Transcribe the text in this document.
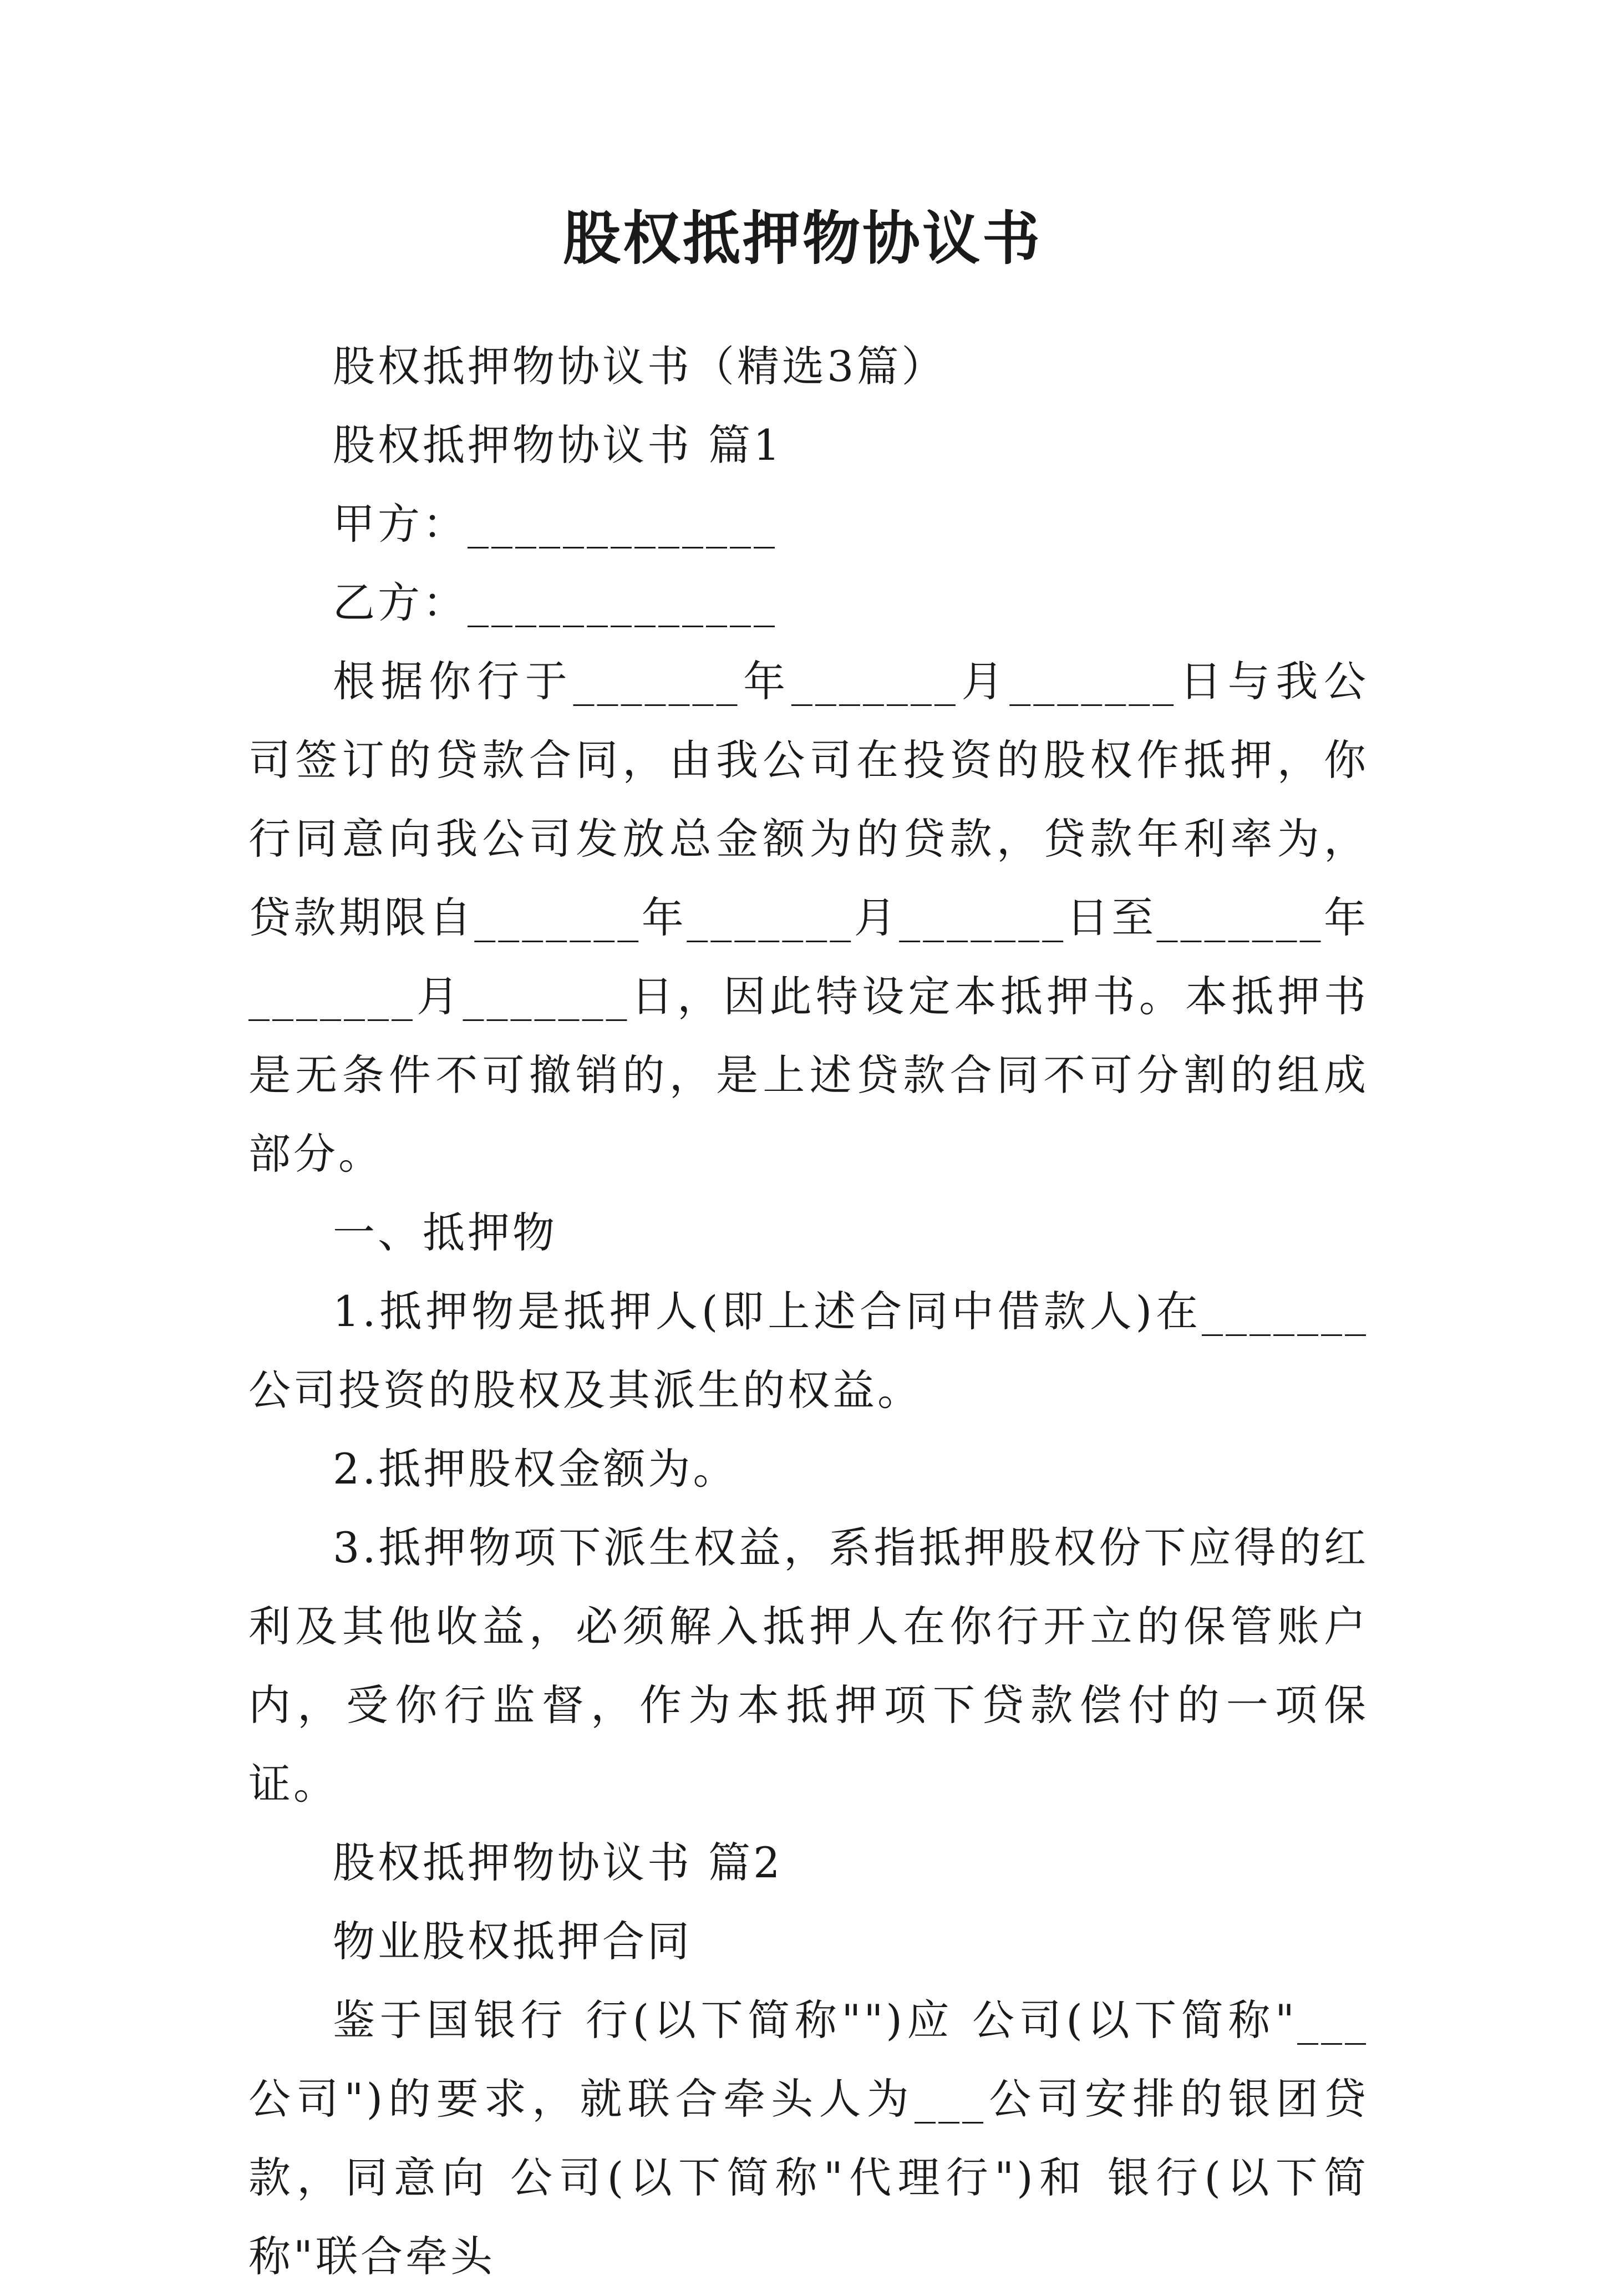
股权抵押物协议书

股权抵押物协议书（精选3篇）

股权抵押物协议书 篇1

甲方：_____________

乙方：_____________

根据你行于_______年_______月_______日与我公司签订的贷款合同，由我公司在投资的股权作抵押，你行同意向我公司发放总金额为的贷款，贷款年利率为，贷款期限自_______年_______月_______日至_______年_______月_______日，因此特设定本抵押书。本抵押书是无条件不可撤销的，是上述贷款合同不可分割的组成部分。

一、抵押物

1.抵押物是抵押人(即上述合同中借款人)在_______公司投资的股权及其派生的权益。

2.抵押股权金额为。

3.抵押物项下派生权益，系指抵押股权份下应得的红利及其他收益，必须解入抵押人在你行开立的保管账户内，受你行监督，作为本抵押项下贷款偿付的一项保证。

股权抵押物协议书 篇2

物业股权抵押合同

鉴于国银行 行(以下简称"")应 公司(以下简称"___公司")的要求，就联合牵头人为___公司安排的银团贷款，同意向 公司(以下简称"代理行")和 银行(以下简称"联合牵头
